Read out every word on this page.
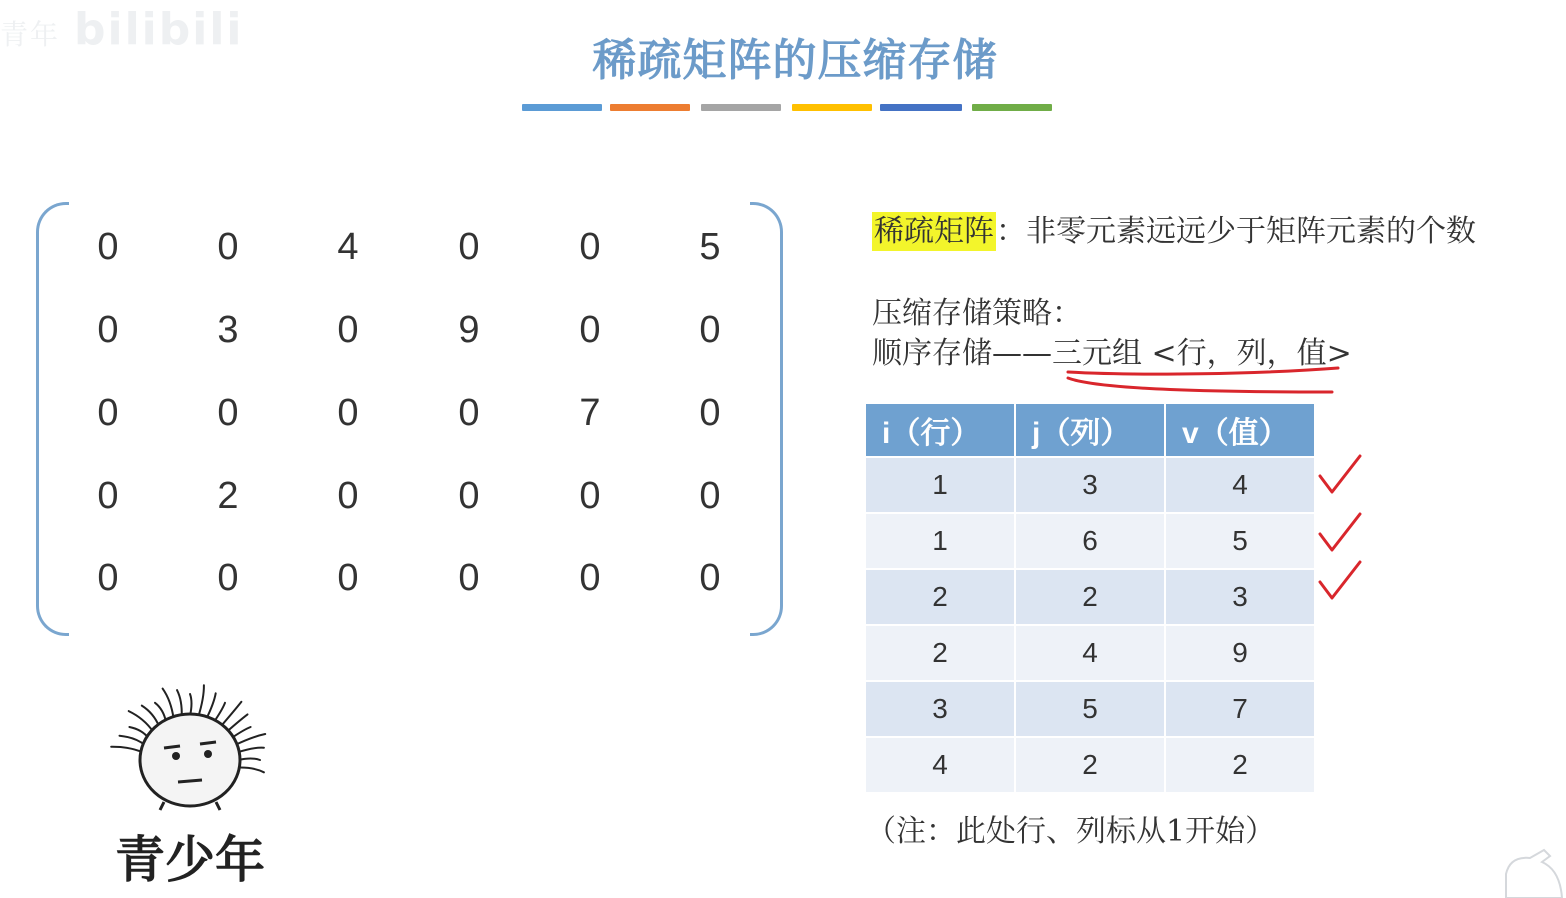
青年 bilibili
稀疏矩阵的压缩存储
0	0	4	0	0	5
0	3	0	9	0	0
0	0	0	0	7	0
0	2	0	0	0	0
0	0	0	0	0	0
稀疏矩阵：非零元素远远少于矩阵元素的个数
压缩存储策略：
顺序存储——三元组 <行，列，值>
i（行）	j（列）	v（值）
1	3	4
1	6	5
2	2	3
2	4	9
3	5	7
4	2	2
青少年	（注：此处行、列标从1开始）
